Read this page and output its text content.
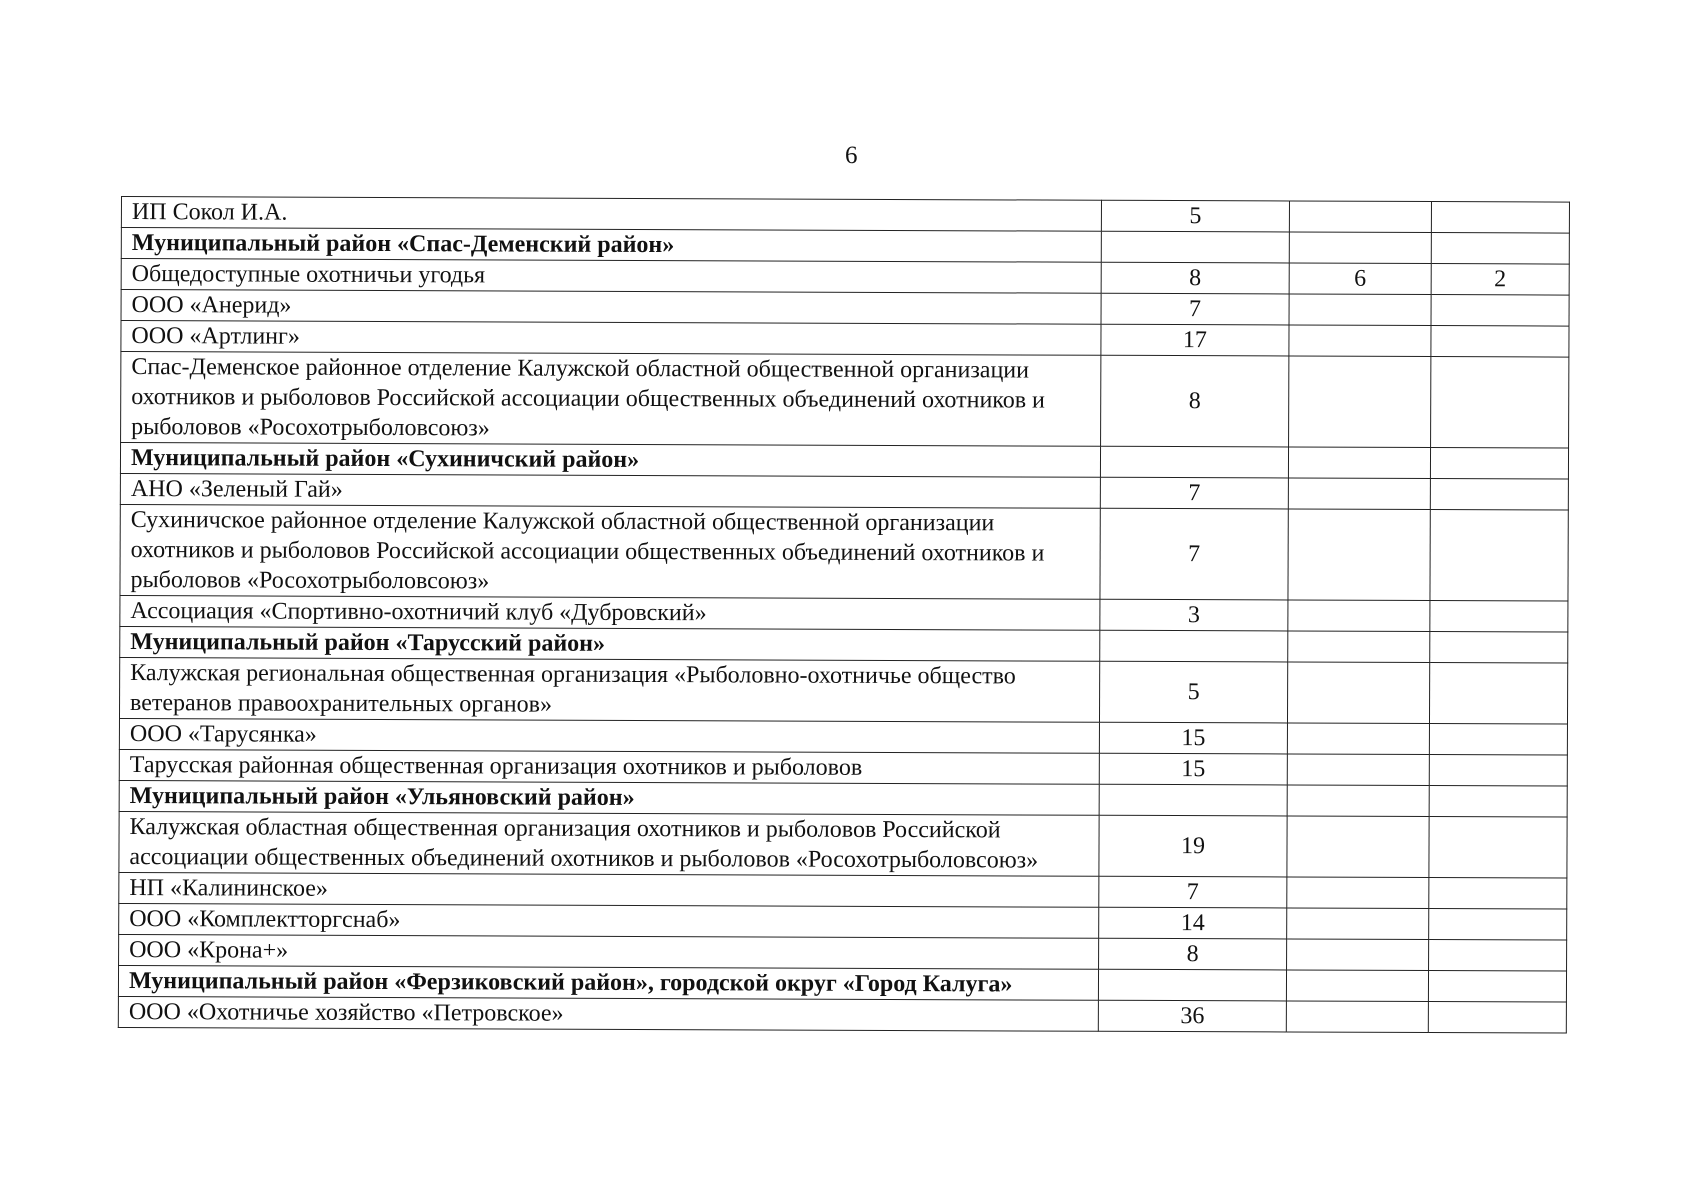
6
ИП Сокол И.А.	5		
Муниципальный район «Спас-Деменский район»			
Общедоступные охотничьи угодья	8	6	2
ООО «Анерид»	7		
ООО «Артлинг»	17		
Спас-Деменское районное отделение Калужской областной общественной организации охотников и рыболовов Российской ассоциации общественных объединений охотников и рыболовов «Росохотрыболовсоюз»	8		
Муниципальный район «Сухиничский район»			
АНО «Зеленый Гай»	7		
Сухиничское районное отделение Калужской областной общественной организации охотников и рыболовов Российской ассоциации общественных объединений охотников и рыболовов «Росохотрыболовсоюз»	7		
Ассоциация «Спортивно-охотничий клуб «Дубровский»	3		
Муниципальный район «Тарусский район»			
Калужская региональная общественная организация «Рыболовно-охотничье общество ветеранов правоохранительных органов»	5		
ООО «Тарусянка»	15		
Тарусская районная общественная организация охотников и рыболовов	15		
Муниципальный район «Ульяновский район»			
Калужская областная общественная организация охотников и рыболовов Российской ассоциации общественных объединений охотников и рыболовов «Росохотрыболовсоюз»	19		
НП «Калининское»	7		
ООО «Комплектторгснаб»	14		
ООО «Крона+»	8		
Муниципальный район «Ферзиковский район», городской округ «Город Калуга»			
ООО «Охотничье хозяйство «Петровское»	36		
